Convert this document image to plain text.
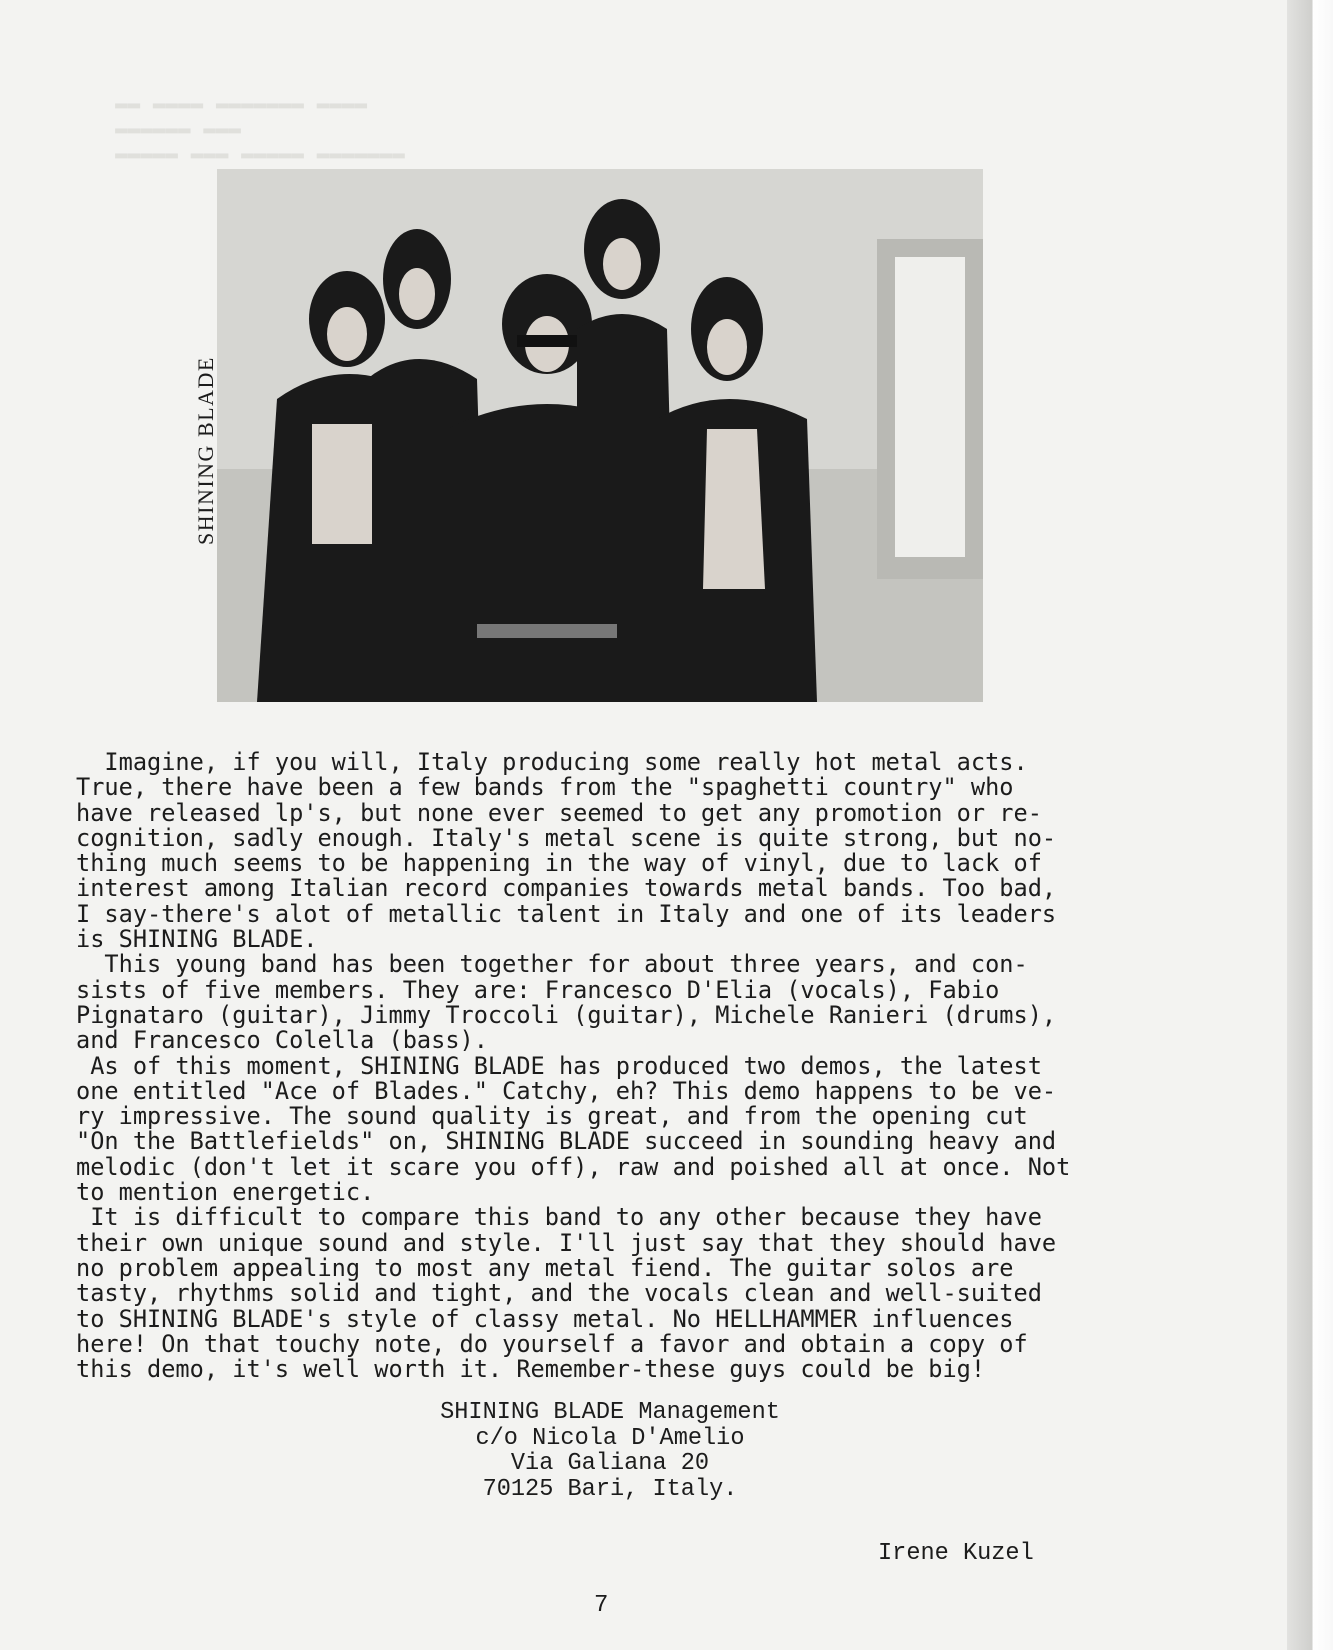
▬▬ ▬▬▬▬ ▬▬▬▬▬▬▬ ▬▬▬▬
▬▬▬▬▬▬ ▬▬▬
▬▬▬▬▬ ▬▬▬ ▬▬▬▬▬ ▬▬▬▬▬▬▬
SHINING BLADE
Imagine, if you will, Italy producing some really hot metal acts.
True, there have been a few bands from the "spaghetti country" who
have released lp's, but none ever seemed to get any promotion or re-
cognition, sadly enough. Italy's metal scene is quite strong, but no-
thing much seems to be happening in the way of vinyl, due to lack of
interest among Italian record companies towards metal bands. Too bad,
I say-there's alot of metallic talent in Italy and one of its leaders
is SHINING BLADE.
This young band has been together for about three years, and con-
sists of five members. They are: Francesco D'Elia (vocals), Fabio
Pignataro (guitar), Jimmy Troccoli (guitar), Michele Ranieri (drums),
and Francesco Colella (bass).
As of this moment, SHINING BLADE has produced two demos, the latest
one entitled "Ace of Blades." Catchy, eh? This demo happens to be ve-
ry impressive. The sound quality is great, and from the opening cut
"On the Battlefields" on, SHINING BLADE succeed in sounding heavy and
melodic (don't let it scare you off), raw and poished all at once. Not
to mention energetic.
It is difficult to compare this band to any other because they have
their own unique sound and style. I'll just say that they should have
no problem appealing to most any metal fiend. The guitar solos are
tasty, rhythms solid and tight, and the vocals clean and well-suited
to SHINING BLADE's style of classy metal. No HELLHAMMER influences
here! On that touchy note, do yourself a favor and obtain a copy of
this demo, it's well worth it. Remember-these guys could be big!
SHINING BLADE Management
c/o Nicola D'Amelio
Via Galiana 20
70125 Bari, Italy.
Irene Kuzel
7
